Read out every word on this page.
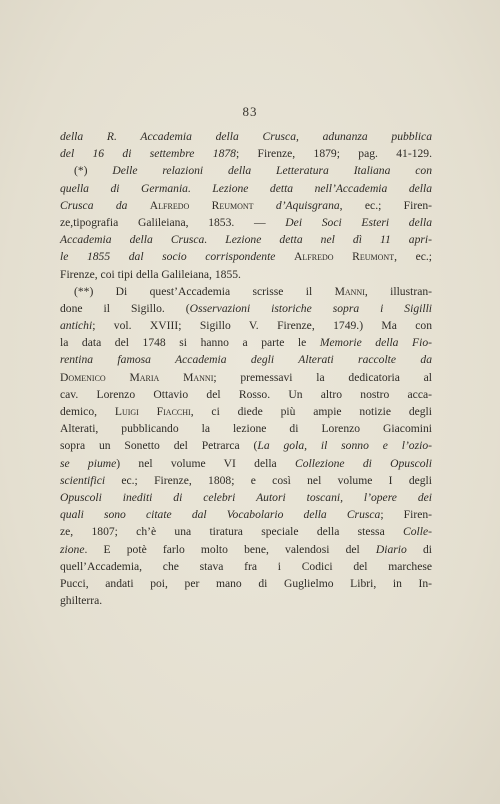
83
della R. Accademia della Crusca, adunanza pubblica
del 16 di settembre 1878; Firenze, 1879; pag. 41-129.
(*) Delle relazioni della Letteratura Italiana con
quella di Germania. Lezione detta nell’Accademia della
Crusca da Alfredo Reumont d’Aquisgrana, ec.; Firen-
ze,tipografia Galileiana, 1853. — Dei Soci Esteri della
Accademia della Crusca. Lezione detta nel dì 11 apri-
le 1855 dal socio corrispondente Alfredo Reumont, ec.;
Firenze, coi tipi della Galileiana, 1855.
(**) Di quest’Accademia scrisse il Manni, illustran-
done il Sigillo. (Osservazioni istoriche sopra i Sigilli
antichi; vol. XVIII; Sigillo V. Firenze, 1749.) Ma con
la data del 1748 si hanno a parte le Memorie della Fio-
rentina famosa Accademia degli Alterati raccolte da
Domenico Maria Manni; premessavi la dedicatoria al
cav. Lorenzo Ottavio del Rosso. Un altro nostro acca-
demico, Luigi Fiacchi, ci diede più ampie notizie degli
Alterati, pubblicando la lezione di Lorenzo Giacomini
sopra un Sonetto del Petrarca (La gola, il sonno e l’ozio-
se piume) nel volume VI della Collezione di Opuscoli
scientifici ec.; Firenze, 1808; e così nel volume I degli
Opuscoli inediti di celebri Autori toscani, l’opere dei
quali sono citate dal Vocabolario della Crusca; Firen-
ze, 1807; ch’è una tiratura speciale della stessa Colle-
zione. E potè farlo molto bene, valendosi del Diario di
quell’Accademia, che stava fra i Codici del marchese
Pucci, andati poi, per mano di Guglielmo Libri, in In-
ghilterra.
